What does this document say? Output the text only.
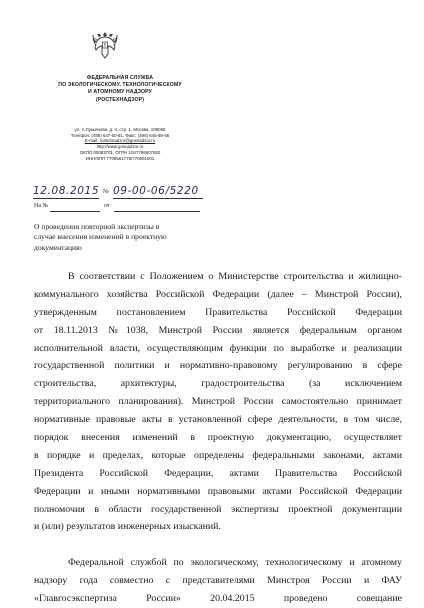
ФЕДЕРАЛЬНАЯ СЛУЖБА
ПО ЭКОЛОГИЧЕСКОМУ, ТЕХНОЛОГИЧЕСКОМУ
И АТОМНОМУ НАДЗОРУ
(РОСТЕХНАДЗОР)
ул. А.Лукьянова, д. 4, стр. 1, Москва, 105066
Телефон: (495) 647-60-81, Факс: (495) 645-89-66
E-mail: rostehnadzor@gosnadzor.ru
http://www.gosnadzor.ru
ОКПО 00083701, ОГРН 1047796607650
ИНН/КПП 7709561778/770901001
12.08.2015 № 09-00-06/5220
На №	от
О проведении повторной экспертизы в
случае внесения изменений в проектную
документацию

В соответствии с Положением о Министерстве строительства и жилищно-
коммунального хозяйства Российской Федерации (далее – Минстрой России),
утвержденным постановлением Правительства Российской Федерации
от 18.11.2013 №1038, Минстрой России является федеральным органом
исполнительной власти, осуществляющим функции по выработке и реализации
государственной политики и нормативно-правовому регулированию в сфере
строительства, архитектуры, градостроительства (за исключением
территориального планирования). Минстрой России самостоятельно принимает
нормативные правовые акты в установленной сфере деятельности, в том числе,
порядок внесения изменений в проектную документацию, осуществляет
в порядке и пределах, которые определены федеральными законами, актами
Президента Российской Федерации, актами Правительства Российской
Федерации и иными нормативными правовыми актами Российской Федерации
полномочия в области государственной экспертизы проектной документации
и (или) результатов инженерных изысканий.

Федеральной службой по экологическому, технологическому и атомному
надзору года совместно с представителями Минстроя России и ФАУ
«Главгосэкспертиза России» 20.04.2015 проведено совещание
